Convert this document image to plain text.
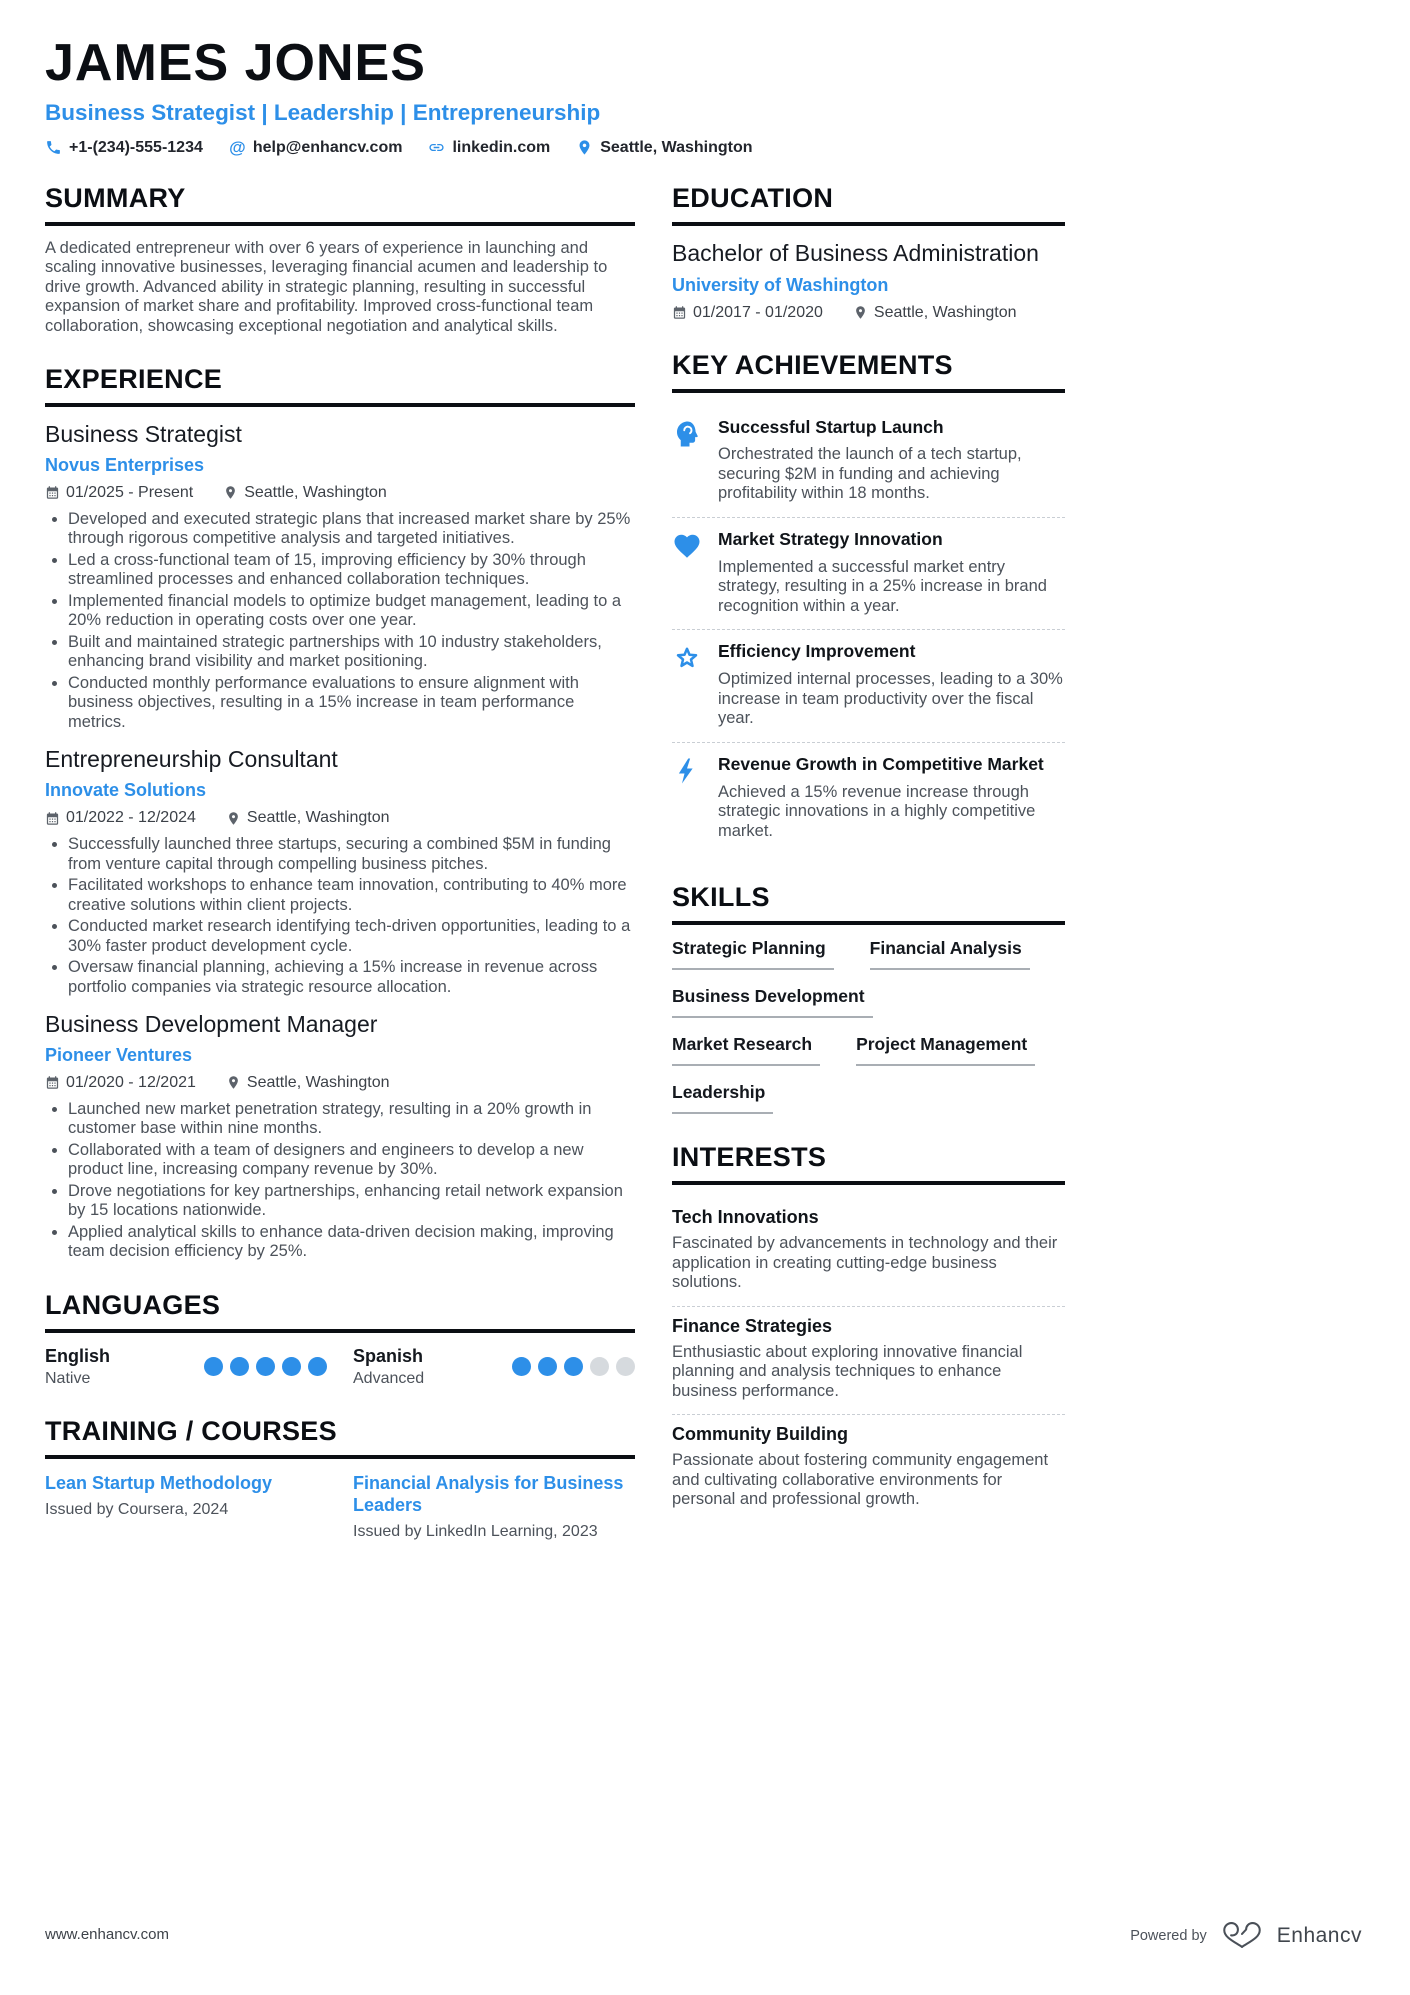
JAMES JONES
Business Strategist | Leadership | Entrepreneurship
+1-(234)-555-1234 @ help@enhancv.com	linkedin.com	Seattle, Washington
SUMMARY

A dedicated entrepreneur with over 6 years of experience in launching and scaling innovative businesses, leveraging financial acumen and leadership to drive growth. Advanced ability in strategic planning, resulting in successful expansion of market share and profitability. Improved cross-functional team collaboration, showcasing exceptional negotiation and analytical skills.

EXPERIENCE
Business Strategist
Novus Enterprises
01/2025 - Present	Seattle, Washington
• Developed and executed strategic plans that increased market share by 25% through rigorous competitive analysis and targeted initiatives.
• Led a cross-functional team of 15, improving efficiency by 30% through streamlined processes and enhanced collaboration techniques.
• Implemented financial models to optimize budget management, leading to a 20% reduction in operating costs over one year.
• Built and maintained strategic partnerships with 10 industry stakeholders, enhancing brand visibility and market positioning.
• Conducted monthly performance evaluations to ensure alignment with business objectives, resulting in a 15% increase in team performance metrics.
Entrepreneurship Consultant
Innovate Solutions
01/2022 - 12/2024	Seattle, Washington
• Successfully launched three startups, securing a combined $5M in funding from venture capital through compelling business pitches.
• Facilitated workshops to enhance team innovation, contributing to 40% more creative solutions within client projects.
• Conducted market research identifying tech-driven opportunities, leading to a 30% faster product development cycle.
• Oversaw financial planning, achieving a 15% increase in revenue across portfolio companies via strategic resource allocation.
Business Development Manager
Pioneer Ventures
01/2020 - 12/2021	Seattle, Washington
• Launched new market penetration strategy, resulting in a 20% growth in customer base within nine months.
• Collaborated with a team of designers and engineers to develop a new product line, increasing company revenue by 30%.
• Drove negotiations for key partnerships, enhancing retail network expansion by 15 locations nationwide.
• Applied analytical skills to enhance data-driven decision making, improving team decision efficiency by 25%.
LANGUAGES
English
Native
Spanish
Advanced
TRAINING / COURSES
Lean Startup Methodology
Issued by Coursera, 2024
Financial Analysis for Business Leaders
Issued by LinkedIn Learning, 2023
EDUCATION
Bachelor of Business Administration
University of Washington
01/2017 - 01/2020	Seattle, Washington
KEY ACHIEVEMENTS
Successful Startup Launch
Orchestrated the launch of a tech startup, securing $2M in funding and achieving profitability within 18 months.
Market Strategy Innovation
Implemented a successful market entry strategy, resulting in a 25% increase in brand recognition within a year.
Efficiency Improvement
Optimized internal processes, leading to a 30% increase in team productivity over the fiscal year.
Revenue Growth in Competitive Market
Achieved a 15% revenue increase through strategic innovations in a highly competitive market.
SKILLS
Strategic Planning	Financial Analysis
Business Development
Market Research	Project Management
Leadership
INTERESTS
Tech Innovations
Fascinated by advancements in technology and their application in creating cutting-edge business solutions.
Finance Strategies
Enthusiastic about exploring innovative financial planning and analysis techniques to enhance business performance.
Community Building
Passionate about fostering community engagement and cultivating collaborative environments for personal and professional growth.
www.enhancv.com	Powered by	Enhancv
